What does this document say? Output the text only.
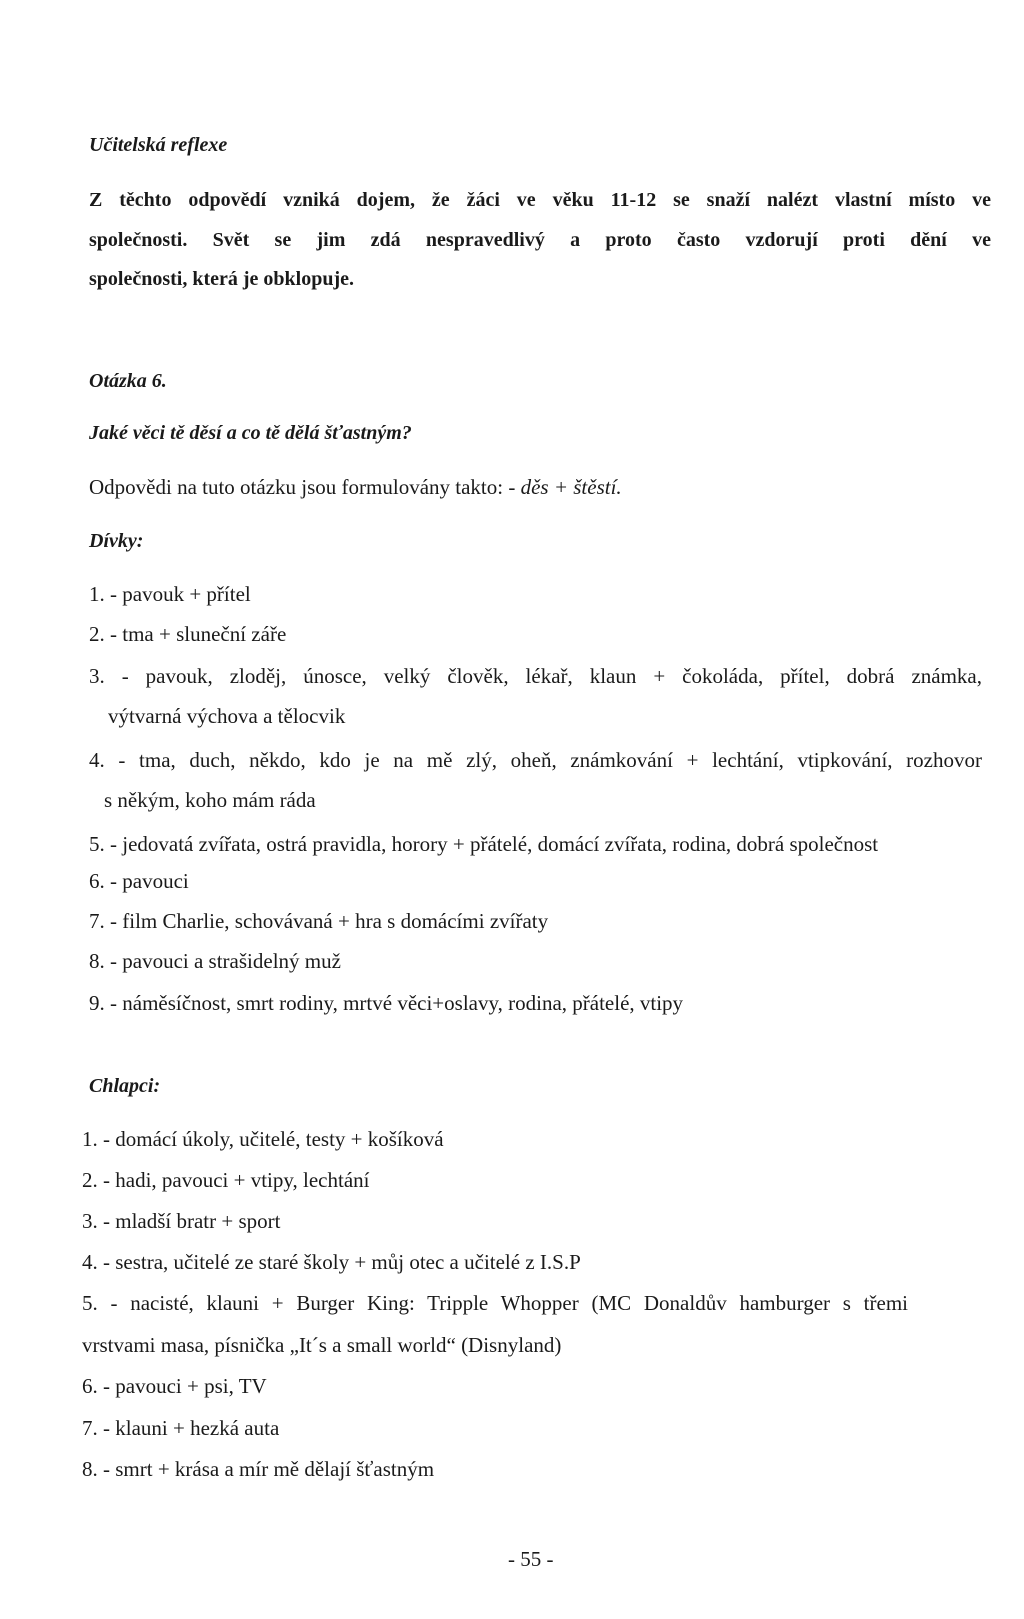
Učitelská reflexe
Z těchto odpovědí vzniká dojem, že žáci ve věku 11-12 se snaží nalézt vlastní místo ve
společnosti. Svět se jim zdá nespravedlivý a proto často vzdorují proti dění ve
společnosti, která je obklopuje.
Otázka 6.
Jaké věci tě děsí a co tě dělá šťastným?
Odpovědi na tuto otázku jsou formulovány takto: - děs + štěstí.
Dívky:
1. - pavouk + přítel
2. - tma + sluneční záře
3. - pavouk, zloděj, únosce, velký člověk, lékař, klaun + čokoláda, přítel, dobrá známka,
výtvarná výchova a tělocvik
4. - tma, duch, někdo, kdo je na mě zlý, oheň, známkování + lechtání, vtipkování, rozhovor
s někým, koho mám ráda
5. - jedovatá zvířata, ostrá pravidla, horory + přátelé, domácí zvířata, rodina, dobrá společnost
6. - pavouci
7. - film Charlie, schovávaná + hra s domácími zvířaty
8. - pavouci a strašidelný muž
9. - náměsíčnost, smrt rodiny, mrtvé věci+oslavy, rodina, přátelé, vtipy
Chlapci:
1. - domácí úkoly, učitelé, testy + košíková
2. - hadi, pavouci + vtipy, lechtání
3. - mladší bratr + sport
4. - sestra, učitelé ze staré školy + můj otec a učitelé z I.S.P
5. - nacisté, klauni + Burger King: Tripple Whopper (MC Donaldův hamburger s třemi
vrstvami masa, písnička „It´s a small world“ (Disnyland)
6. - pavouci + psi, TV
7. - klauni + hezká auta
8. - smrt + krása a mír mě dělají šťastným
- 55 -
